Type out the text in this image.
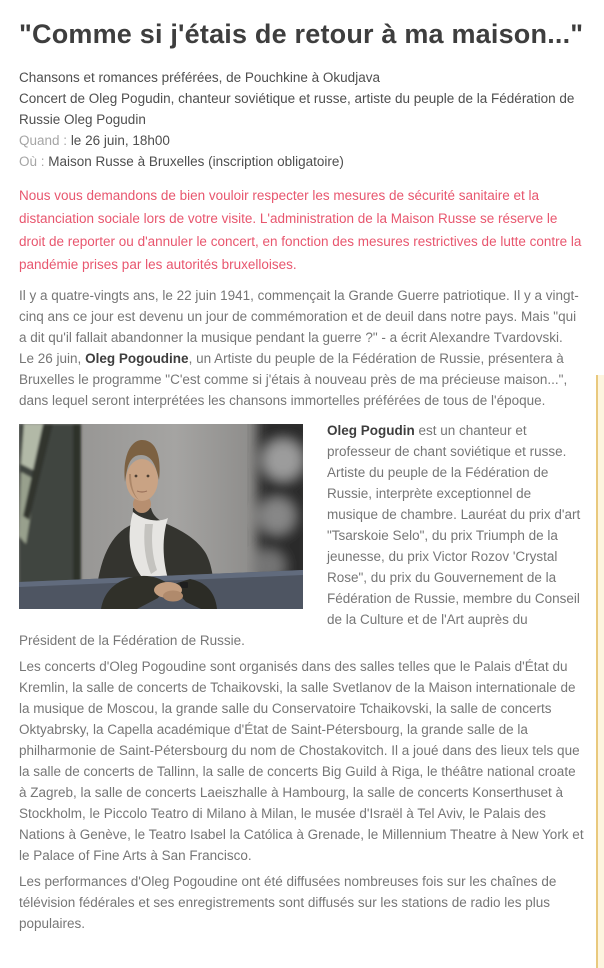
"Comme si j'étais de retour à ma maison..."
Chansons et romances préférées, de Pouchkine à Okudjava
Concert de Oleg Pogudin, chanteur soviétique et russe, artiste du peuple de la Fédération de Russie Oleg Pogudin
Quand : le 26 juin, 18h00
Où : Maison Russe à Bruxelles (inscription obligatoire)

Nous vous demandons de bien vouloir respecter les mesures de sécurité sanitaire et la distanciation sociale lors de votre visite. L'administration de la Maison Russe se réserve le droit de reporter ou d'annuler le concert, en fonction des mesures restrictives de lutte contre la pandémie prises par les autorités bruxelloises.

Il y a quatre-vingts ans, le 22 juin 1941, commençait la Grande Guerre patriotique. Il y a vingt-cinq ans ce jour est devenu un jour de commémoration et de deuil dans notre pays. Mais "qui a dit qu'il fallait abandonner la musique pendant la guerre ?" - a écrit Alexandre Tvardovski.
Le 26 juin, Oleg Pogoudine, un Artiste du peuple de la Fédération de Russie, présentera à Bruxelles le programme "C'est comme si j'étais à nouveau près de ma précieuse maison...", dans lequel seront interprétées les chansons immortelles préférées de tous de l'époque.

Oleg Pogudin est un chanteur et professeur de chant soviétique et russe. Artiste du peuple de la Fédération de Russie, interprète exceptionnel de musique de chambre. Lauréat du prix d'art "Tsarskoie Selo", du prix Triumph de la jeunesse, du prix Victor Rozov 'Crystal Rose", du prix du Gouvernement de la Fédération de Russie, membre du Conseil de la Culture et de l'Art auprès du Président de la Fédération de Russie.

Les concerts d'Oleg Pogoudine sont organisés dans des salles telles que le Palais d'État du Kremlin, la salle de concerts de Tchaikovski, la salle Svetlanov de la Maison internationale de la musique de Moscou, la grande salle du Conservatoire Tchaikovski, la salle de concerts Oktyabrsky, la Capella académique d'État de Saint-Pétersbourg, la grande salle de la philharmonie de Saint-Pétersbourg du nom de Chostakovitch. Il a joué dans des lieux tels que la salle de concerts de Tallinn, la salle de concerts Big Guild à Riga, le théâtre national croate à Zagreb, la salle de concerts Laeiszhalle à Hambourg, la salle de concerts Konserthuset à Stockholm, le Piccolo Teatro di Milano à Milan, le musée d'Israël à Tel Aviv, le Palais des Nations à Genève, le Teatro Isabel la Católica à Grenade, le Millennium Theatre à New York et le Palace of Fine Arts à San Francisco.

Les performances d'Oleg Pogoudine ont été diffusées nombreuses fois sur les chaînes de télévision fédérales et ses enregistrements sont diffusés sur les stations de radio les plus populaires.
